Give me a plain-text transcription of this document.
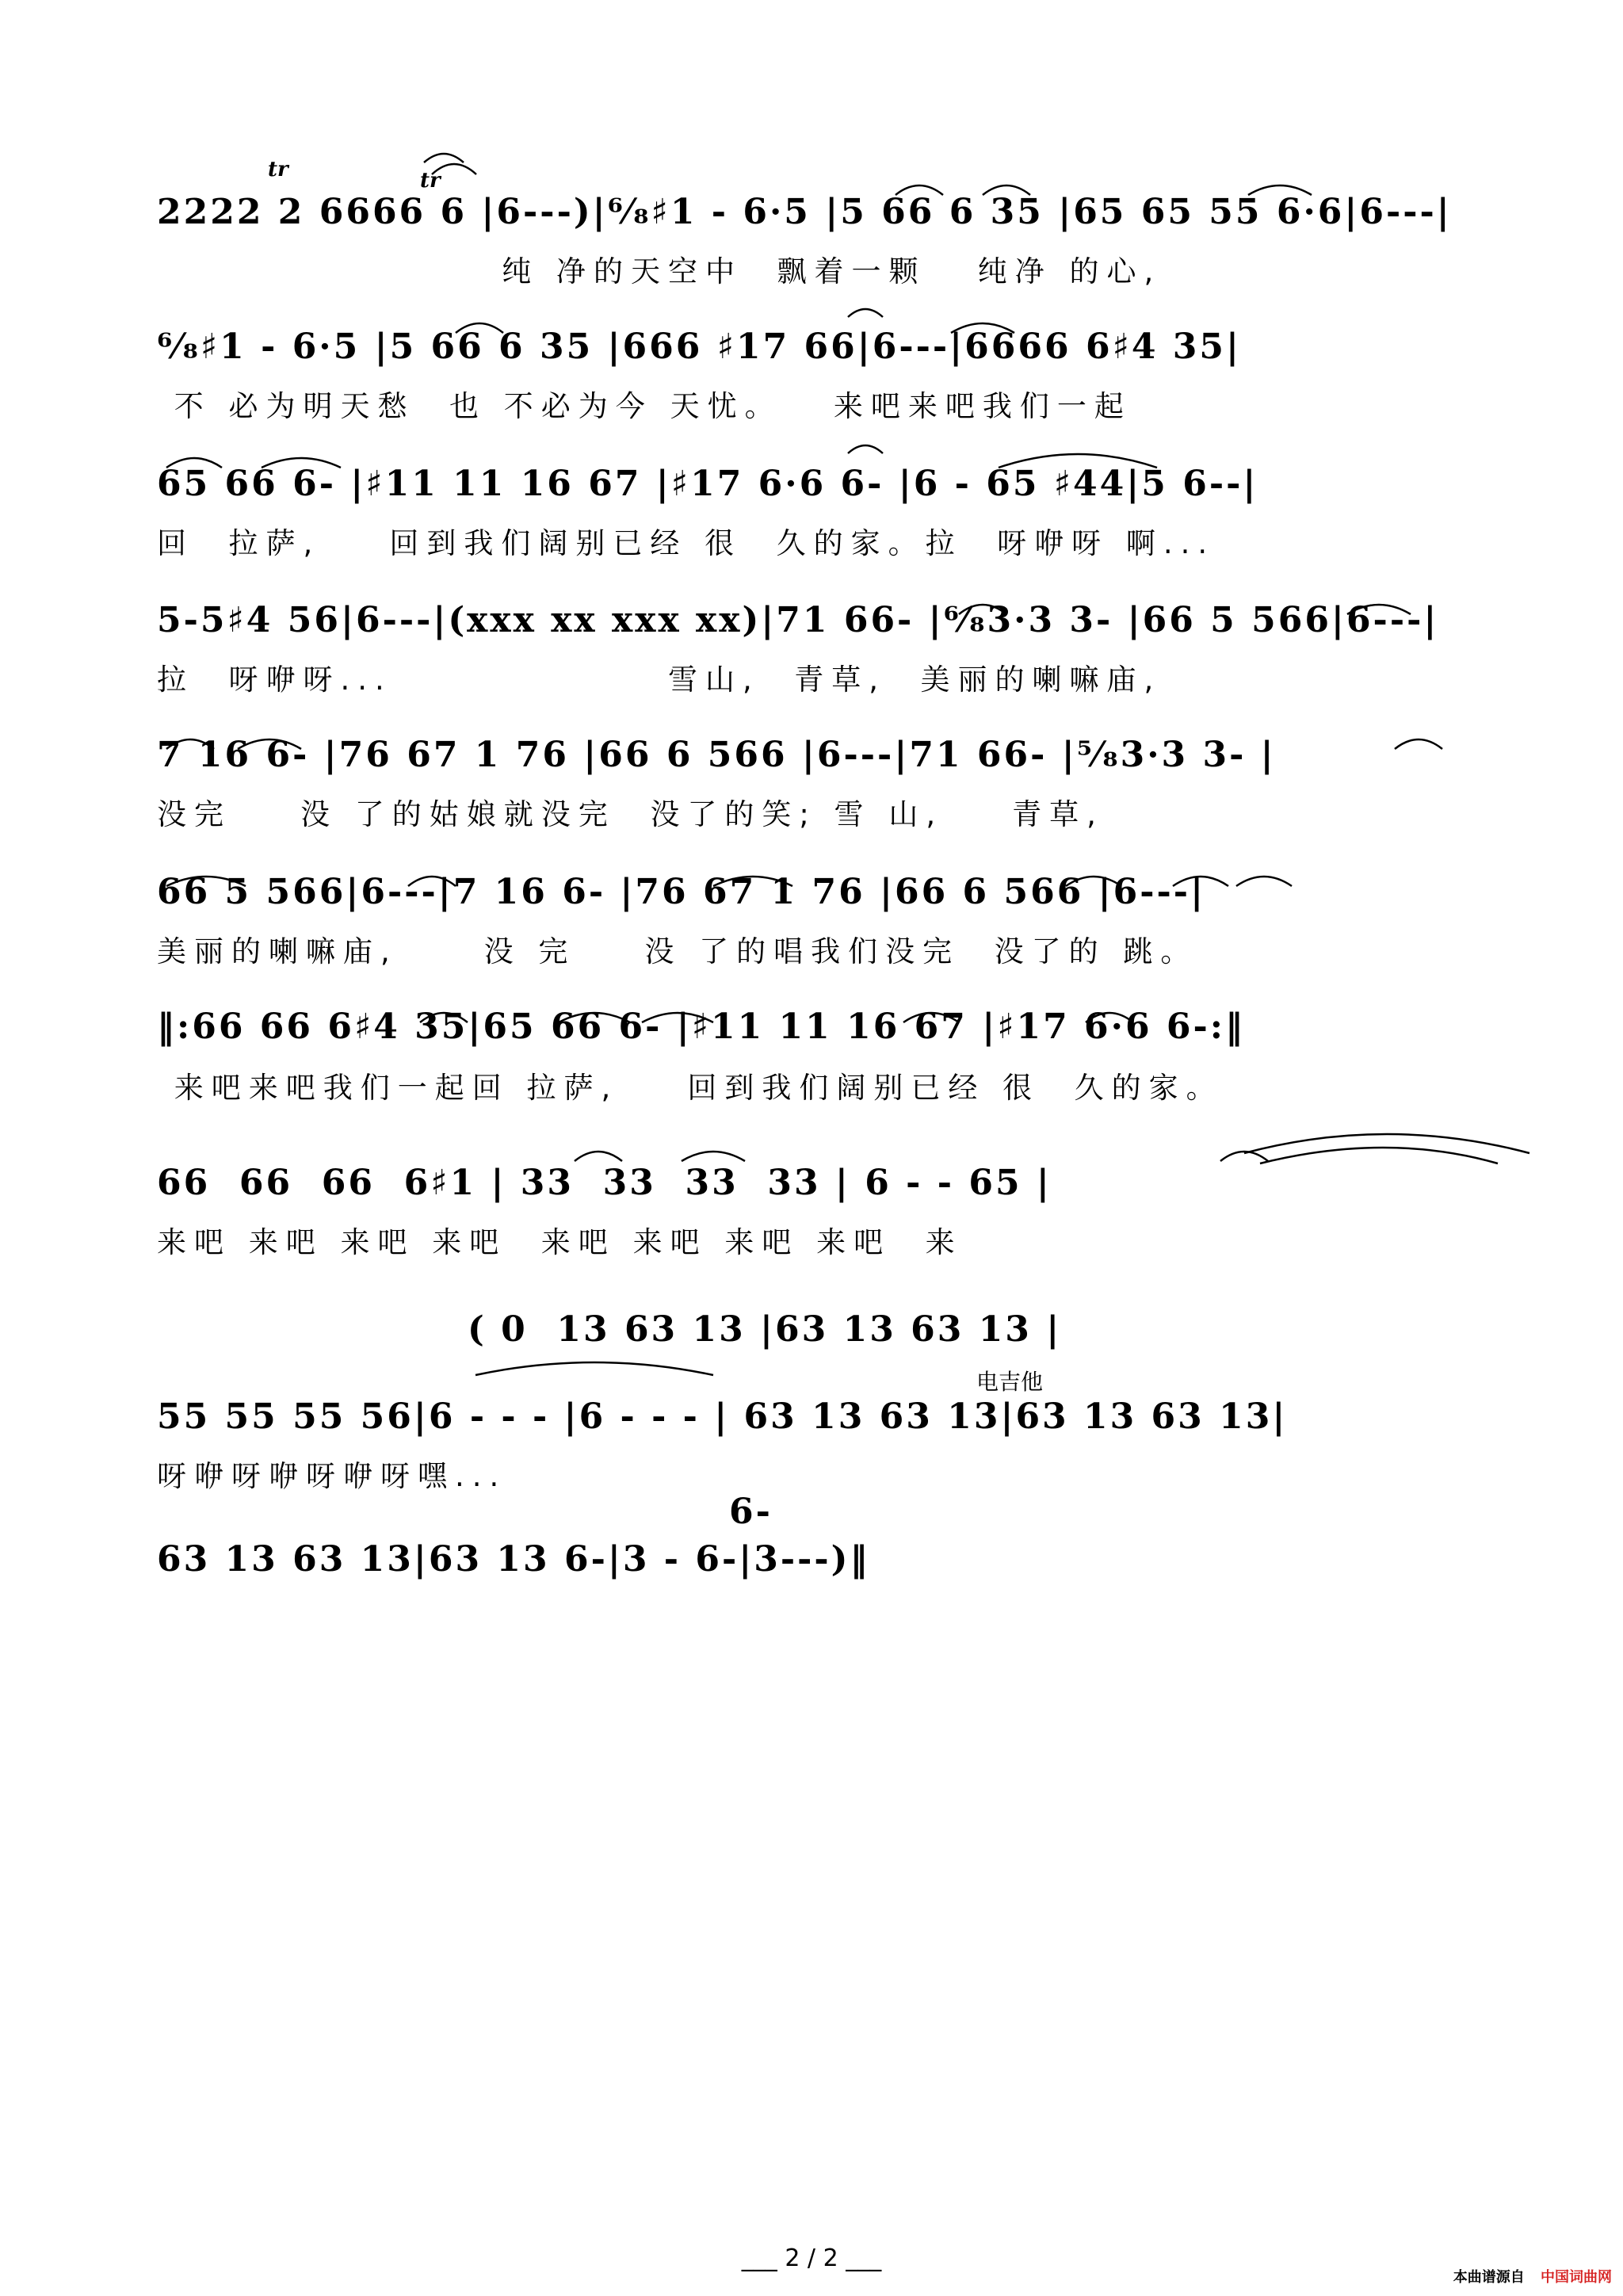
tr	tr
2222 2 6666 6 |6---)|⁶⁄₈♯1 - 6·5 |5 66 6 35 |65 65 55 6·6|6---|
纯 净的天空中  飘着一颗   纯净 的心,
⁶⁄₈♯1 - 6·5 |5 66 6 35 |666 ♯17 66|6---|6666 6♯4 35|
不 必为明天愁  也 不必为今 天忧。   来吧来吧我们一起
65 66 6- |♯11 11 16 67 |♯17 6·6 6- |6 - 65 ♯44|5 6--|
回  拉萨,    回到我们阔别已经 很  久的家。拉  呀咿呀 啊...
5-5♯4 56|6---|(xxx xx xxx xx)|71 66- |⁶⁄₈3·3 3- |66 5 566|6---|
拉  呀咿呀...                雪山,  青草,  美丽的喇嘛庙,
7 16 6- |76 67 1 76 |66 6 566 |6---|71 66- |⁵⁄₈3·3 3- |
没完    没 了的姑娘就没完  没了的笑; 雪 山,    青草,
66 5 566|6---|7 16 6- |76 67 1 76 |66 6 566 |6---|
美丽的喇嘛庙,     没 完    没 了的唱我们没完  没了的 跳。
‖:66 66 6♯4 35|65 66 6- |♯11 11 16 67 |♯17 6·6 6-:‖
来吧来吧我们一起回 拉萨,    回到我们阔别已经 很  久的家。
66  66  66  6♯1 | 33  33  33  33 | 6 - - 65 |
来吧 来吧 来吧 来吧  来吧 来吧 来吧 来吧  来
( 0  13 63 13 |63 13 63 13 |
电吉他
55 55 55 56|6 - - - |6 - - - | 63 13 63 13|63 13 63 13|
呀咿呀咿呀咿呀嘿...
6-
63 13 63 13|63 13 6-|3 - 6-|3---)‖
___ 2 / 2 ___
本曲谱源自 中国词曲网
